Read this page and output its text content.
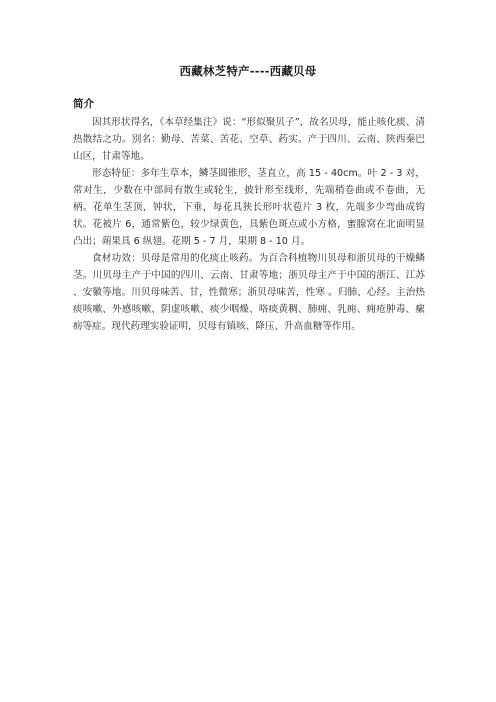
西藏林芝特产----西藏贝母
简介

因其形状得名，《本草经集注》说：“形似聚贝子”，故名贝母，能止咳化痰、清热散结之功。别名：勤母、苦菜、苦花、空草、药实。产于四川、云南、陕西秦巴山区，甘肃等地。

形态特征：多年生草本，鳞茎圆锥形，茎直立，高 15 - 40cm。叶 2 - 3 对，常对生，少数在中部间有散生或轮生，披针形至线形，先端稍卷曲或不卷曲，无柄。花单生茎顶，钟状，下垂，每花具狭长形叶状苞片 3 枚，先端多少弯曲成钩状。花被片 6，通常紫色，较少绿黄色，具紫色斑点或小方格，蜜腺窝在北面明显凸出；蒴果具 6 纵翅。花期 5 - 7 月，果期 8 - 10 月。

食材功效：贝母是常用的化痰止咳药。为百合科植物川贝母和浙贝母的干燥鳞茎。川贝母主产于中国的四川、云南、甘肃等地；浙贝母主产于中国的浙江、江苏 、安徽等地。川贝母味苦、甘，性微寒；浙贝母味苦，性寒 。归肺、心经。主治热痰咳嗽、外感咳嗽、阴虚咳嗽、痰少咽燥、咯痰黄稠、肺痈、乳痈、痈疮肿毒、瘰疬等症。现代药理实验证明，贝母有镇咳、降压、升高血糖等作用。
